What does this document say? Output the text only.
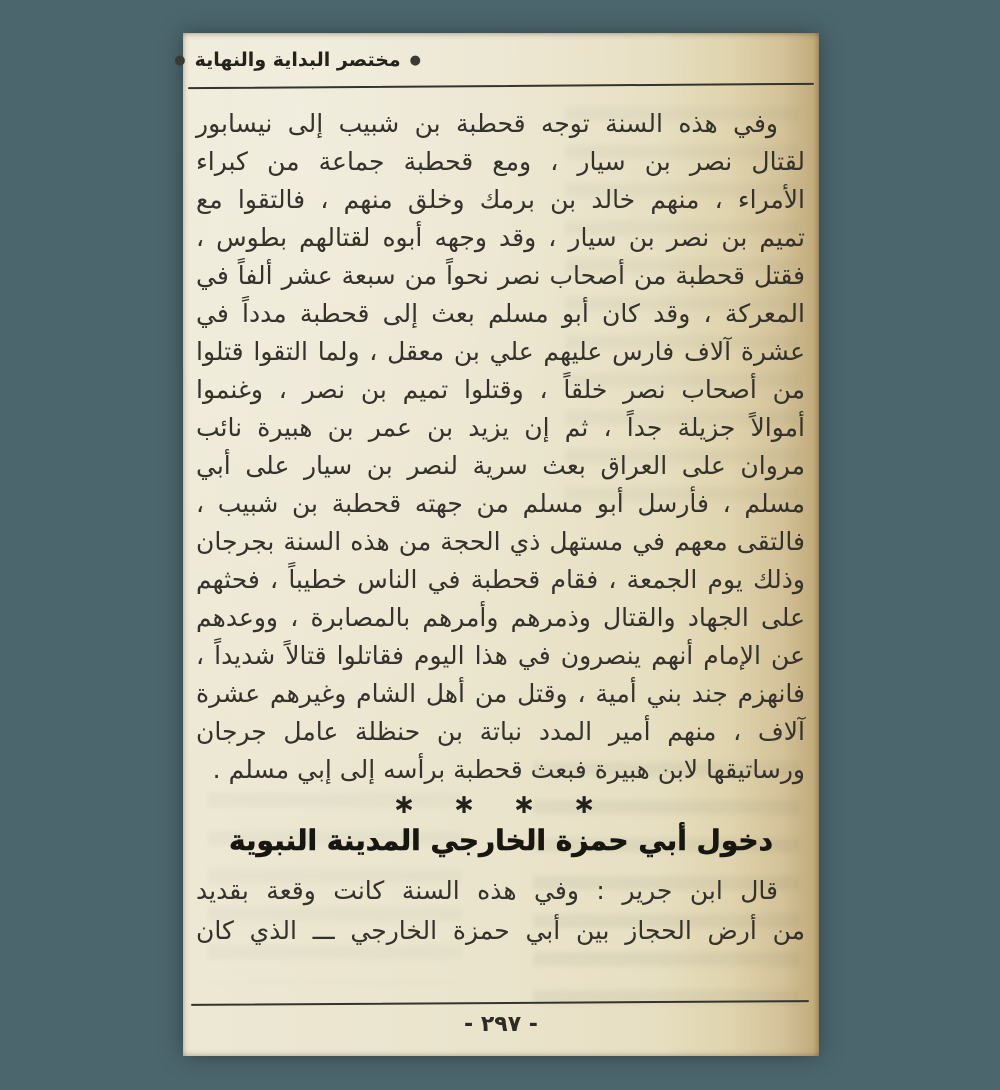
●
مختصر البداية والنهاية
●
وفي هذه السنة توجه قحطبة بن شبيب إلى نيسابور
لقتال نصر بن سيار ، ومع قحطبة جماعة من كبراء
الأمراء ، منهم خالد بن برمك وخلق منهم ، فالتقوا مع
تميم بن نصر بن سيار ، وقد وجهه أبوه لقتالهم بطوس ،
فقتل قحطبة من أصحاب نصر نحواً من سبعة عشر ألفاً في
المعركة ، وقد كان أبو مسلم بعث إلى قحطبة مدداً في
عشرة آلاف فارس عليهم علي بن معقل ، ولما التقوا قتلوا
من أصحاب نصر خلقاً ، وقتلوا تميم بن نصر ، وغنموا
أموالاً جزيلة جداً ، ثم إن يزيد بن عمر بن هبيرة نائب
مروان على العراق بعث سرية لنصر بن سيار على أبي
مسلم ، فأرسل أبو مسلم من جهته قحطبة بن شبيب ،
فالتقى معهم في مستهل ذي الحجة من هذه السنة بجرجان
وذلك يوم الجمعة ، فقام قحطبة في الناس خطيباً ، فحثهم
على الجهاد والقتال وذمرهم وأمرهم بالمصابرة ، ووعدهم
عن الإمام أنهم ينصرون في هذا اليوم فقاتلوا قتالاً شديداً ،
فانهزم جند بني أمية ، وقتل من أهل الشام وغيرهم عشرة
آلاف ، منهم أمير المدد نباتة بن حنظلة عامل جرجان
ورساتيقها لابن هبيرة فبعث قحطبة برأسه إلى إبي مسلم .
∗ ∗ ∗ ∗
دخول أبي حمزة الخارجي المدينة النبوية
قال ابن جرير : وفي هذه السنة كانت وقعة بقديد
من أرض الحجاز بين أبي حمزة الخارجي ـــ الذي كان
- ٢٩٧ -
